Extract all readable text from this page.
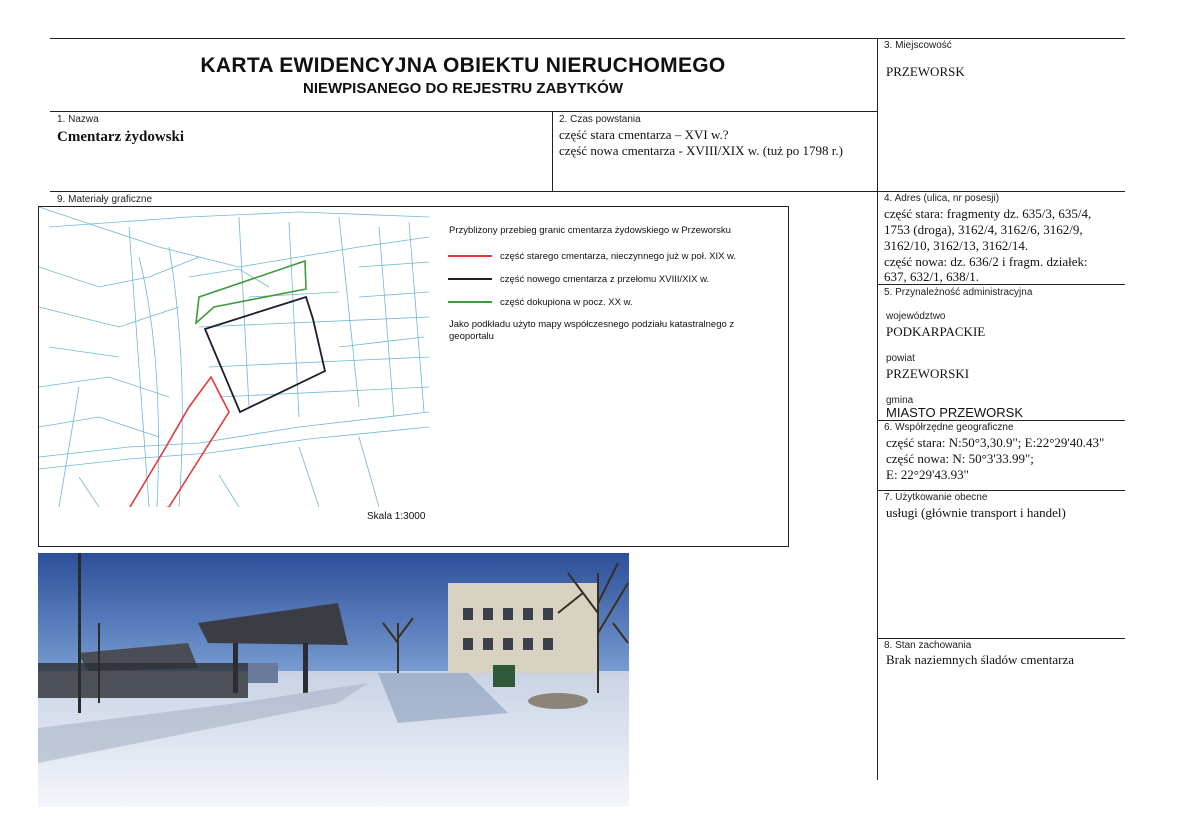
KARTA EWIDENCYJNA OBIEKTU NIERUCHOMEGO
NIEWPISANEGO DO REJESTRU ZABYTKÓW
1. Nazwa
Cmentarz żydowski
2. Czas powstania
część stara cmentarza – XVI w.?
część nowa cmentarza - XVIII/XIX w. (tuż po 1798 r.)
3. Miejscowość
PRZEWORSK
4. Adres (ulica, nr posesji)
część stara: fragmenty dz. 635/3, 635/4,
1753 (droga), 3162/4, 3162/6, 3162/9,
3162/10, 3162/13, 3162/14.
część nowa: dz. 636/2 i fragm. działek:
637, 632/1, 638/1.
5. Przynależność administracyjna
województwo
PODKARPACKIE
powiat
PRZEWORSKI
gmina
MIASTO PRZEWORSK
6. Współrzędne geograficzne
część stara: N:50°3,30.9"; E:22°29'40.43"
część nowa: N: 50°3'33.99";
E: 22°29'43.93"
7. Użytkowanie obecne
usługi (głównie transport i handel)
8. Stan zachowania
Brak naziemnych śladów cmentarza
9. Materiały graficzne
Przybliżony przebieg granic cmentarza żydowskiego w Przeworsku
część starego cmentarza, nieczynnego już w poł. XIX w.
część nowego cmentarza z przełomu XVIII/XIX w.
część dokupiona w pocz. XX w.
Jako podkładu użyto mapy współczesnego podziału katastralnego z geoportalu
Skala 1:3000
